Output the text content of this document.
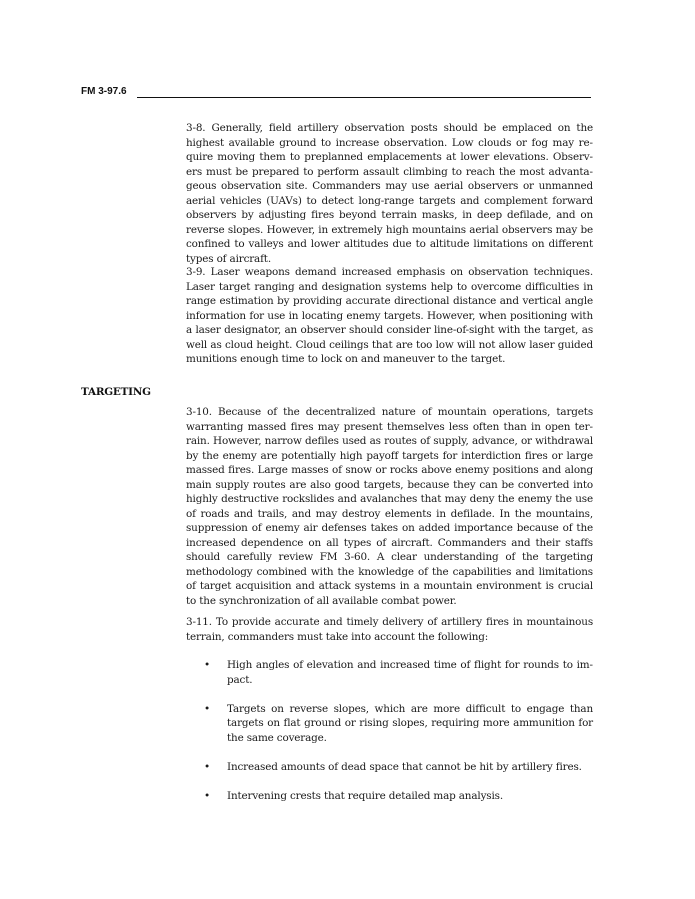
FM 3-97.6

3-8. Generally, field artillery observation posts should be emplaced on the highest available ground to increase observation. Low clouds or fog may require moving them to preplanned emplacements at lower elevations. Observers must be prepared to perform assault climbing to reach the most advantageous observation site. Commanders may use aerial observers or unmanned aerial vehicles (UAVs) to detect long-range targets and complement forward observers by adjusting fires beyond terrain masks, in deep defilade, and on reverse slopes. However, in extremely high mountains aerial observers may be confined to valleys and lower altitudes due to altitude limitations on different types of aircraft.

3-9. Laser weapons demand increased emphasis on observation techniques. Laser target ranging and designation systems help to overcome difficulties in range estimation by providing accurate directional distance and vertical angle information for use in locating enemy targets. However, when positioning with a laser designator, an observer should consider line-of-sight with the target, as well as cloud height. Cloud ceilings that are too low will not allow laser guided munitions enough time to lock on and maneuver to the target.

TARGETING

3-10. Because of the decentralized nature of mountain operations, targets warranting massed fires may present themselves less often than in open terrain. However, narrow defiles used as routes of supply, advance, or withdrawal by the enemy are potentially high payoff targets for interdiction fires or large massed fires. Large masses of snow or rocks above enemy positions and along main supply routes are also good targets, because they can be converted into highly destructive rockslides and avalanches that may deny the enemy the use of roads and trails, and may destroy elements in defilade. In the mountains, suppression of enemy air defenses takes on added importance because of the increased dependence on all types of aircraft. Commanders and their staffs should carefully review FM 3-60. A clear understanding of the targeting methodology combined with the knowledge of the capabilities and limitations of target acquisition and attack systems in a mountain environment is crucial to the synchronization of all available combat power.

3-11. To provide accurate and timely delivery of artillery fires in mountainous terrain, commanders must take into account the following:

• High angles of elevation and increased time of flight for rounds to impact.
• Targets on reverse slopes, which are more difficult to engage than targets on flat ground or rising slopes, requiring more ammunition for the same coverage.
• Increased amounts of dead space that cannot be hit by artillery fires.
• Intervening crests that require detailed map analysis.
